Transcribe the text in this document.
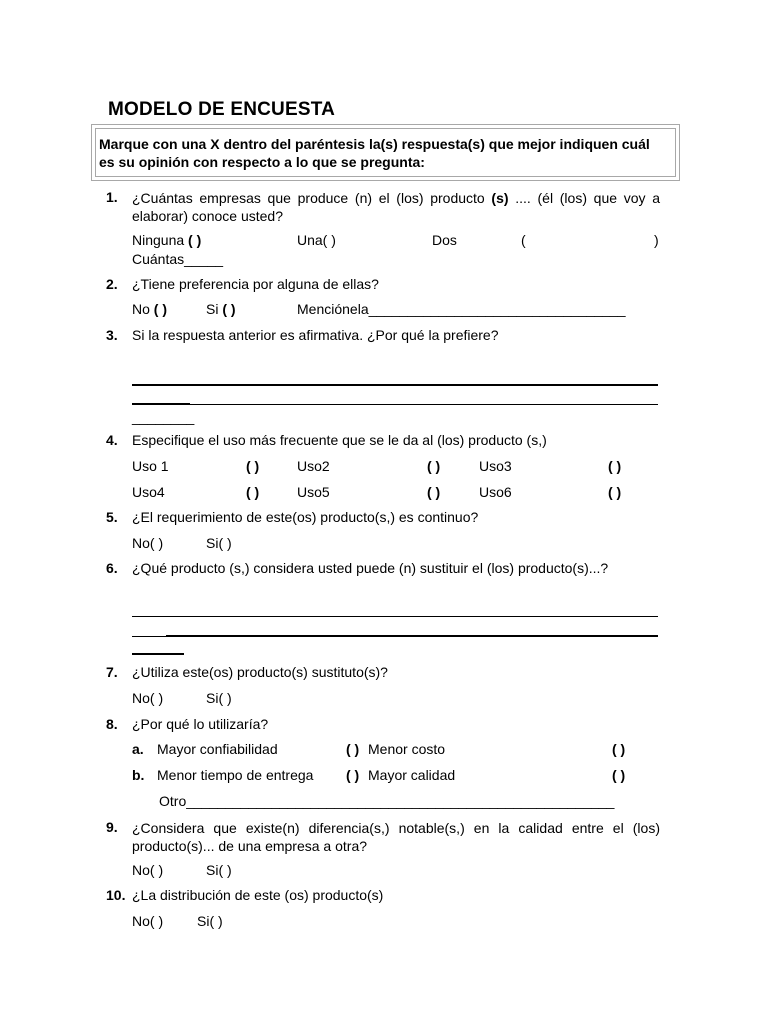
MODELO DE ENCUESTA
Marque con una X dentro del paréntesis la(s) respuesta(s) que mejor indiquen cuál es su opinión con respecto a lo que se pregunta:
1. ¿Cuántas empresas que produce (n) el (los) producto (s) .... (él (los) que voy a elaborar) conoce usted?
Ninguna ( )	Una( )	Dos	(	)
Cuántas_____
2. ¿Tiene preferencia por alguna de ellas?
No ( )	Si ( )	Menciónela_________________________________
3. Si la respuesta anterior es afirmativa. ¿Por qué la prefiere?
________
4. Especifique el uso más frecuente que se le da al (los) producto (s,)
Uso 1	( )	Uso2	( )	Uso3	( )
Uso4	( )	Uso5	( )	Uso6	( )
5. ¿El requerimiento de este(os) producto(s,) es continuo?
No( )	Si( )
6. ¿Qué producto (s,) considera usted puede (n) sustituir el (los) producto(s)...?
7. ¿Utiliza este(os) producto(s) sustituto(s)?
No( )	Si( )
8. ¿Por qué lo utilizaría?
a. Mayor confiabilidad	( ) Menor costo	( )
b. Menor tiempo de entrega ( ) Mayor calidad	( )
Otro_______________________________________________________
9. ¿Considera que existe(n) diferencia(s,) notable(s,) en la calidad entre el (los) producto(s)... de una empresa a otra?
No( )	Si( )
10. ¿La distribución de este (os) producto(s)
No( ) Si( )
